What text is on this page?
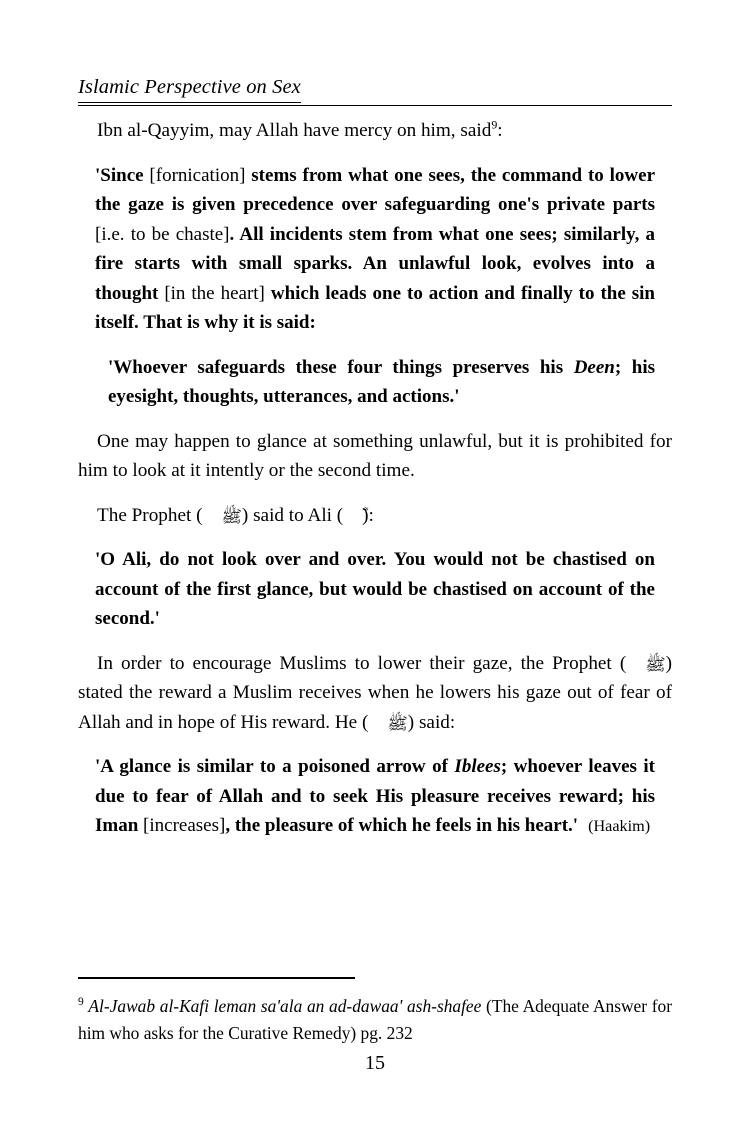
Islamic Perspective on Sex

Ibn al-Qayyim, may Allah have mercy on him, said$^9$:

'Since [fornication] stems from what one sees, the command to lower the gaze is given precedence over safeguarding one's private parts [i.e. to be chaste]. All incidents stem from what one sees; similarly, a fire starts with small sparks. An unlawful look, evolves into a thought [in the heart] which leads one to action and finally to the sin itself. That is why it is said:

'Whoever safeguards these four things preserves his Deen; his eyesight, thoughts, utterances, and actions.'

One may happen to glance at something unlawful, but it is prohibited for him to look at it intently or the second time.

The Prophet ( ﷺ) said to Ali ( ):

'O Ali, do not look over and over. You would not be chastised on account of the first glance, but would be chastised on account of the second.'

In order to encourage Muslims to lower their gaze, the Prophet ( ﷺ) stated the reward a Muslim receives when he lowers his gaze out of fear of Allah and in hope of His reward. He ( ﷺ) said:

'A glance is similar to a poisoned arrow of Iblees; whoever leaves it due to fear of Allah and to seek His pleasure receives reward; his Iman [increases], the pleasure of which he feels in his heart.' (Haakim)

$^9$ Al-Jawab al-Kafi leman sa'ala an ad-dawaa' ash-shafee (The Adequate Answer for him who asks for the Curative Remedy) pg. 232

15
